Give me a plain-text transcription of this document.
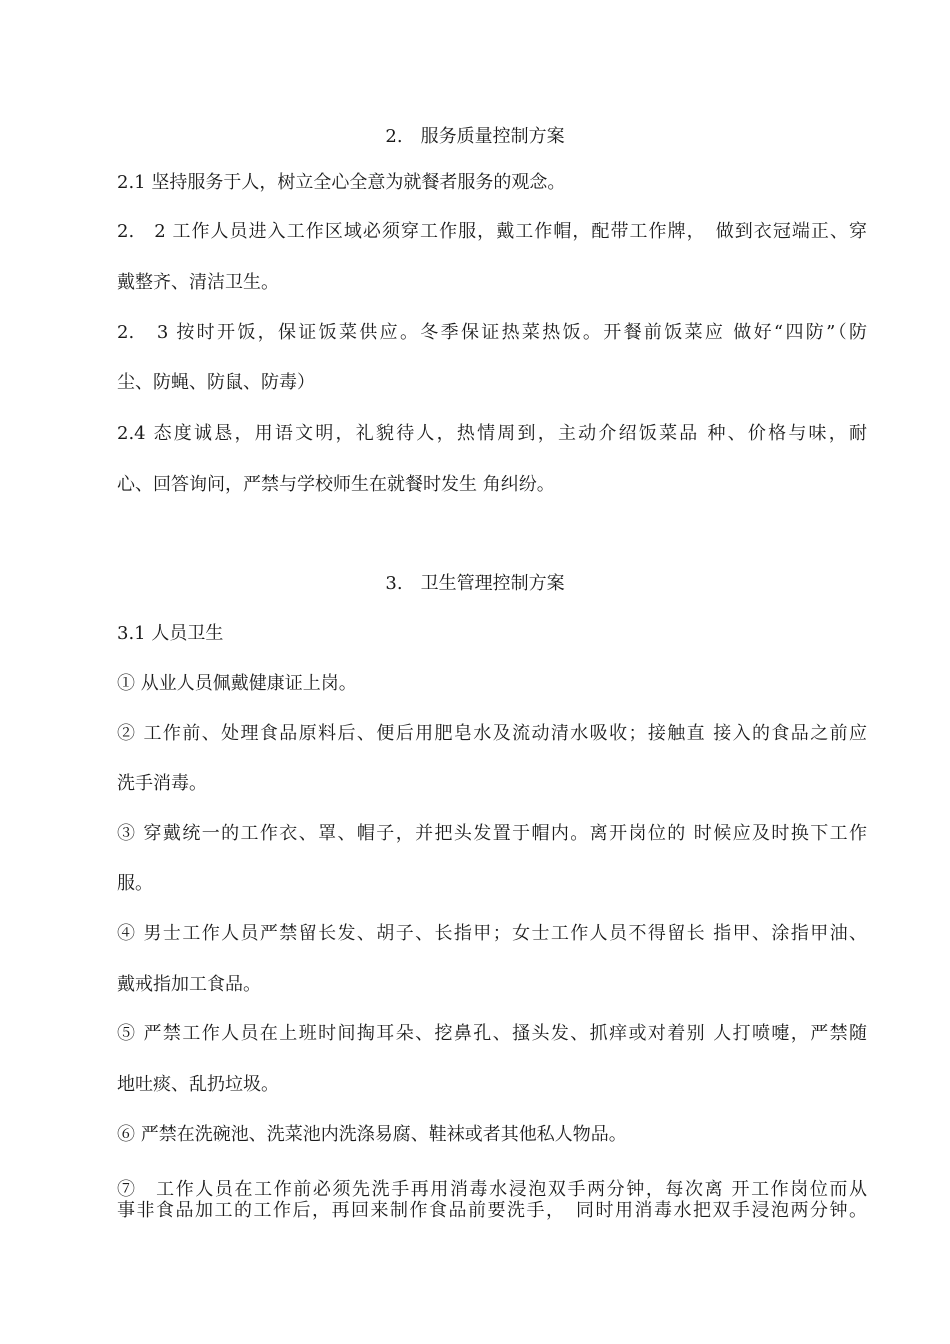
2.　服务质量控制方案
2.1 坚持服务于人，树立全心全意为就餐者服务的观念。
2.　2 工作人员进入工作区域必须穿工作服，戴工作帽，配带工作牌，　做到衣冠端正、穿
戴整齐、清洁卫生。
2.　3 按时开饭，保证饭菜供应。冬季保证热菜热饭。开餐前饭菜应 做好“四防”（防
尘、防蝇、防鼠、防毒）
2.4 态度诚恳，用语文明，礼貌待人，热情周到，主动介绍饭菜品 种、价格与味，耐
心、回答询问，严禁与学校师生在就餐时发生 角纠纷。
3.　卫生管理控制方案
3.1 人员卫生
① 从业人员佩戴健康证上岗。
② 工作前、处理食品原料后、便后用肥皂水及流动清水吸收；接触直 接入的食品之前应
洗手消毒。
③ 穿戴统一的工作衣、罩、帽子，并把头发置于帽内。离开岗位的 时候应及时换下工作
服。
④ 男士工作人员严禁留长发、胡子、长指甲；女士工作人员不得留长 指甲、涂指甲油、
戴戒指加工食品。
⑤ 严禁工作人员在上班时间掏耳朵、挖鼻孔、搔头发、抓痒或对着别 人打喷嚏，严禁随
地吐痰、乱扔垃圾。
⑥ 严禁在洗碗池、洗菜池内洗涤易腐、鞋袜或者其他私人物品。
⑦　工作人员在工作前必须先洗手再用消毒水浸泡双手两分钟，每次离 开工作岗位而从
事非食品加工的工作后，再回来制作食品前要洗手，　同时用消毒水把双手浸泡两分钟。
